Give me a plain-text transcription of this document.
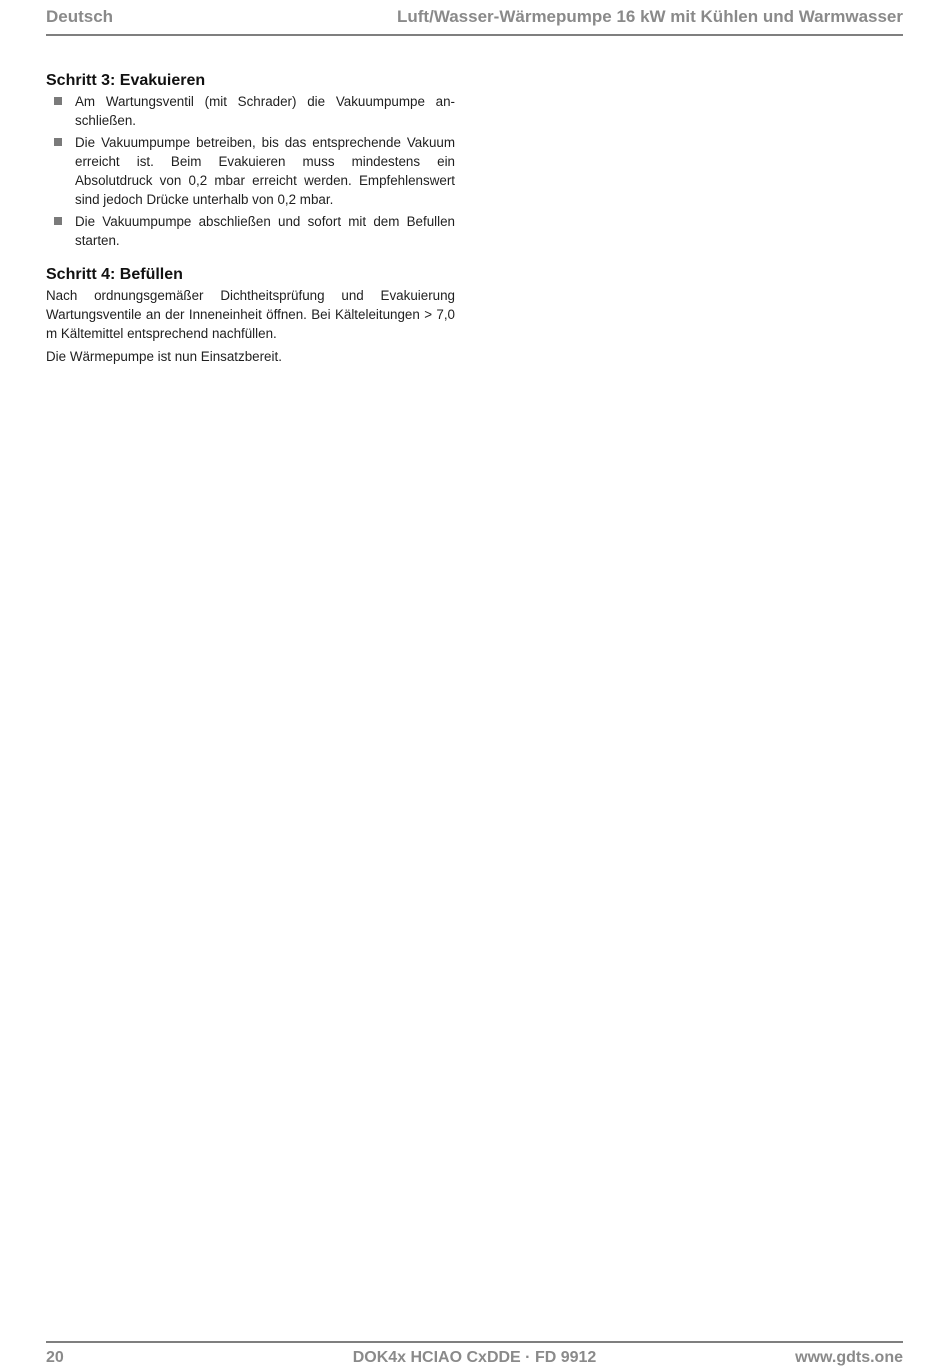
Deutsch	Luft/Wasser-Wärmepumpe 16 kW mit Kühlen und Warmwasser
Schritt 3: Evakuieren
Am Wartungsventil (mit Schrader) die Vakuumpumpe anschließen.
Die Vakuumpumpe betreiben, bis das entsprechende Vakuum erreicht ist. Beim Evakuieren muss mindestens ein Absolutdruck von 0,2 mbar erreicht werden. Empfehlenswert sind jedoch Drücke unterhalb von 0,2 mbar.
Die Vakuumpumpe abschließen und sofort mit dem Befullen starten.
Schritt 4: Befüllen

Nach ordnungsgemäßer Dichtheitsprüfung und Evakuierung Wartungsventile an der Inneneinheit öffnen. Bei Kälteleitungen > 7,0 m Kältemittel entsprechend nachfüllen.

Die Wärmepumpe ist nun Einsatzbereit.

20	DOK4x HCIAO CxDDE · FD 9912	www.gdts.one
